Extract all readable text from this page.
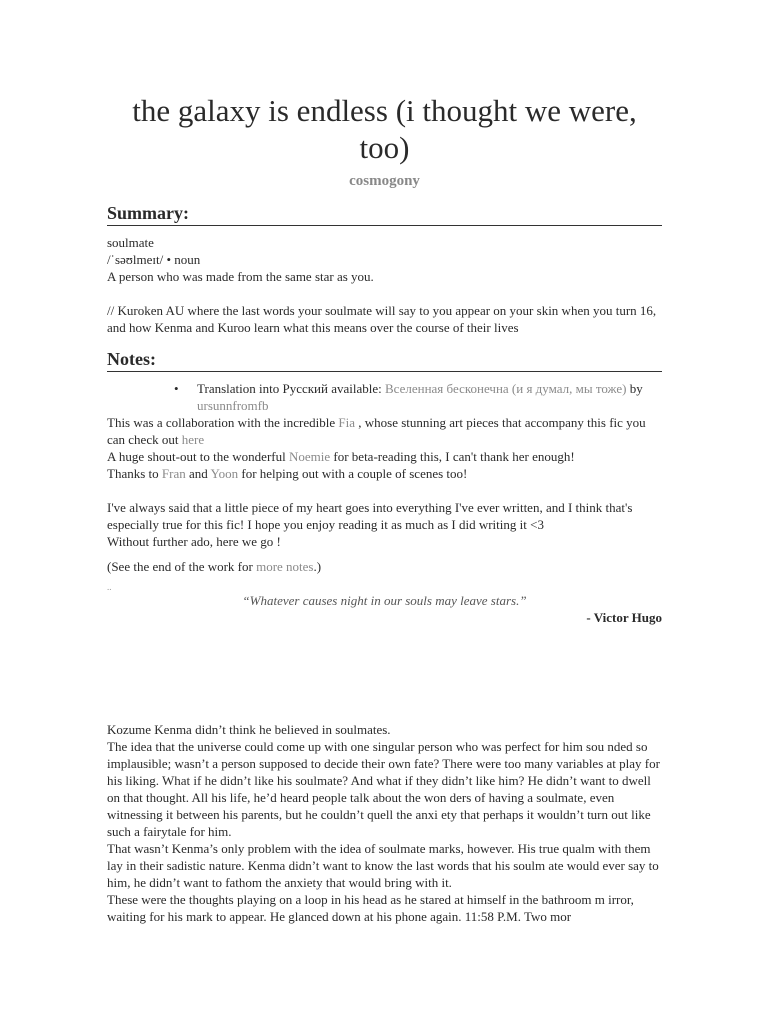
the galaxy is endless (i thought we were, too)
cosmogony
Summary:

soulmate

/ˈsəʊlmeɪt/ • noun

A person who was made from the same star as you.

// Kuroken AU where the last words your soulmate will say to you appear on your skin when you turn 16, and how Kenma and Kuroo learn what this means over the course of their lives

Notes:
• Translation into Русский available: Вселенная бесконечна (и я думал, мы тоже) by ursunnfromfb

This was a collaboration with the incredible Fia , whose stunning art pieces that accompany this fic you can check out here

A huge shout-out to the wonderful Noemie for beta-reading this, I can't thank her enough!

Thanks to Fran and Yoon for helping out with a couple of scenes too!

I've always said that a little piece of my heart goes into everything I've ever written, and I think that's especially true for this fic! I hope you enjoy reading it as much as I did writing it <3

Without further ado, here we go !

(See the end of the work for more notes.)

..
“Whatever causes night in our souls may leave stars.”
- Victor Hugo

Kozume Kenma didn’t think he believed in soulmates.

The idea that the universe could come up with one singular person who was perfect for him sou nded so implausible; wasn’t a person supposed to decide their own fate? There were too many variables at play for his liking. What if he didn’t like his soulmate? And what if they didn’t like him? He didn’t want to dwell on that thought. All his life, he’d heard people talk about the won ders of having a soulmate, even witnessing it between his parents, but he couldn’t quell the anxi ety that perhaps it wouldn’t turn out like such a fairytale for him.

That wasn’t Kenma’s only problem with the idea of soulmate marks, however. His true qualm with them lay in their sadistic nature. Kenma didn’t want to know the last words that his soulm ate would ever say to him, he didn’t want to fathom the anxiety that would bring with it.

These were the thoughts playing on a loop in his head as he stared at himself in the bathroom m irror, waiting for his mark to appear. He glanced down at his phone again. 11:58 P.M. Two mor
